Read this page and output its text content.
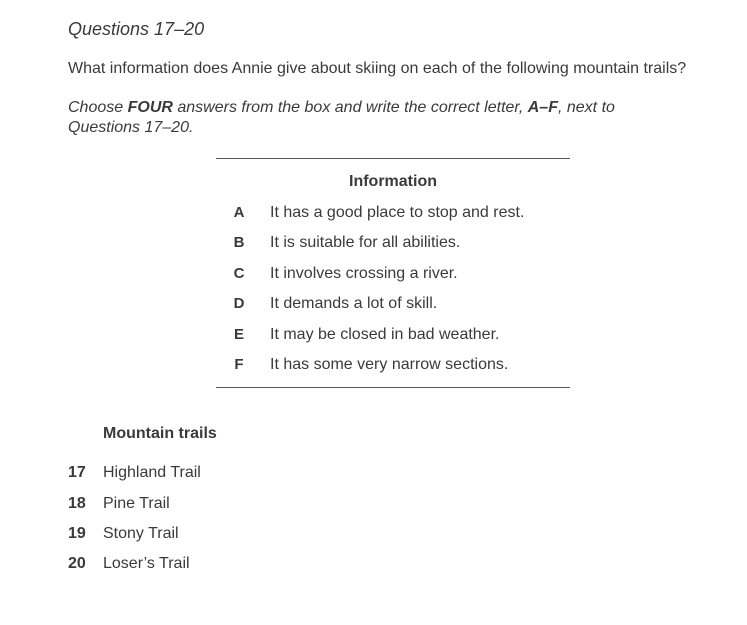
Questions 17–20
What information does Annie give about skiing on each of the following mountain trails?
Choose FOUR answers from the box and write the correct letter, A–F, next to
Questions 17–20.
Information
A It has a good place to stop and rest.
B It is suitable for all abilities.
C It involves crossing a river.
D It demands a lot of skill.
E It may be closed in bad weather.
F It has some very narrow sections.
Mountain trails
17 Highland Trail
18 Pine Trail
19 Stony Trail
20 Loser’s Trail
